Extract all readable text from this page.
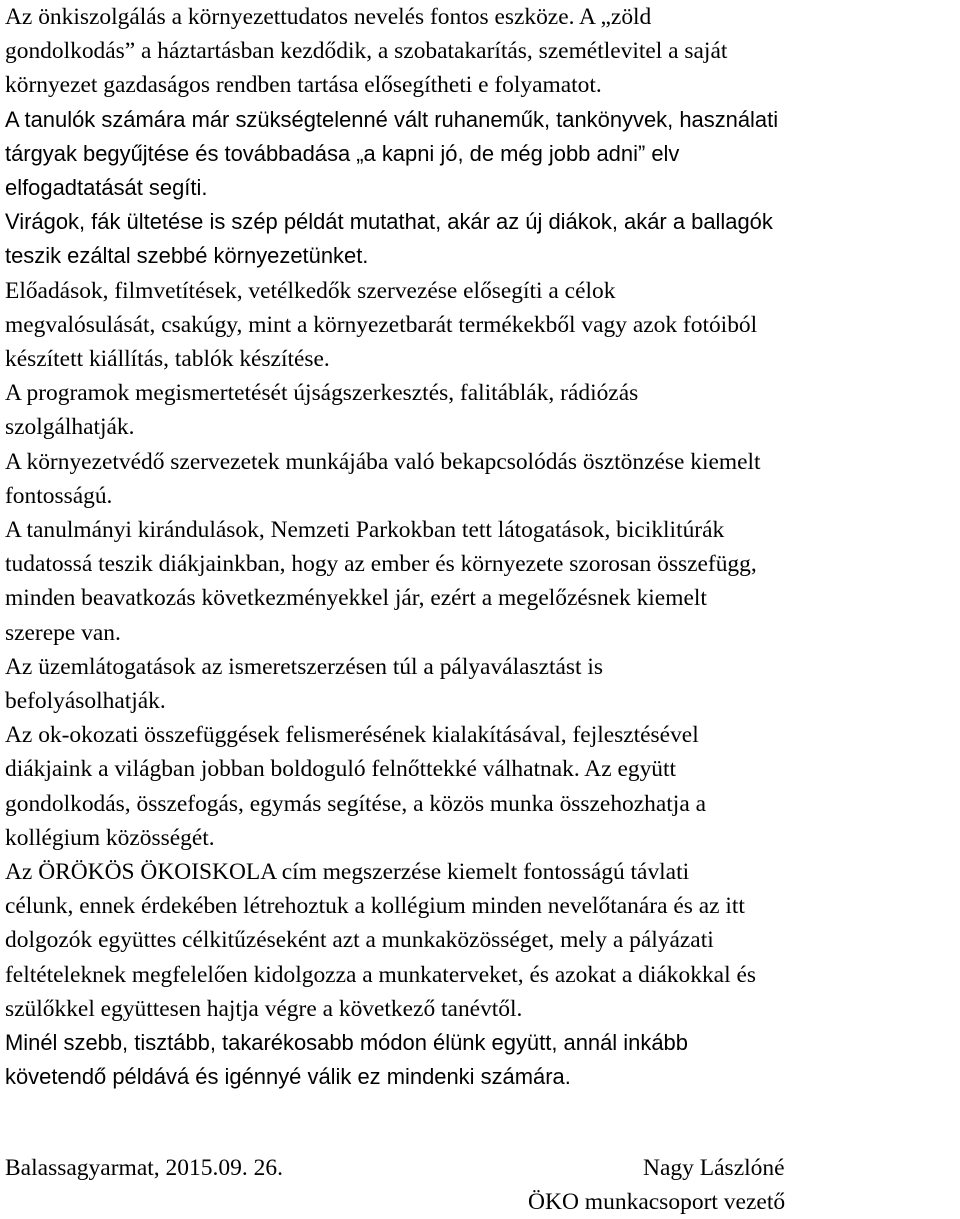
Az önkiszolgálás a környezettudatos nevelés fontos eszköze. A „zöld
gondolkodás” a háztartásban kezdődik, a szobatakarítás, szemétlevitel a saját
környezet gazdaságos rendben tartása elősegítheti e folyamatot.
A tanulók számára már szükségtelenné vált ruhaneműk, tankönyvek, használati
tárgyak begyűjtése és továbbadása „a kapni jó, de még jobb adni” elv
elfogadtatását segíti.
Virágok, fák ültetése is szép példát mutathat, akár az új diákok, akár a ballagók
teszik ezáltal szebbé környezetünket.
Előadások, filmvetítések, vetélkedők szervezése elősegíti a célok
megvalósulását, csakúgy, mint a környezetbarát termékekből vagy azok fotóiból
készített kiállítás, tablók készítése.
A programok megismertetését újságszerkesztés, falitáblák, rádiózás
szolgálhatják.
A környezetvédő szervezetek munkájába való bekapcsolódás ösztönzése kiemelt
fontosságú.
A tanulmányi kirándulások, Nemzeti Parkokban tett látogatások, biciklitúrák
tudatossá teszik diákjainkban, hogy az ember és környezete szorosan összefügg,
minden beavatkozás következményekkel jár, ezért a megelőzésnek kiemelt
szerepe van.
Az üzemlátogatások az ismeretszerzésen túl a pályaválasztást is
befolyásolhatják.
Az ok-okozati összefüggések felismerésének kialakításával, fejlesztésével
diákjaink a világban jobban boldoguló felnőttekké válhatnak. Az együtt
gondolkodás, összefogás, egymás segítése, a közös munka összehozhatja a
kollégium közösségét.
Az ÖRÖKÖS ÖKOISKOLA cím megszerzése kiemelt fontosságú távlati
célunk, ennek érdekében létrehoztuk a kollégium minden nevelőtanára és az itt
dolgozók együttes célkitűzéseként azt a munkaközösséget, mely a pályázati
feltételeknek megfelelően kidolgozza a munkaterveket, és azokat a diákokkal és
szülőkkel együttesen hajtja végre a következő tanévtől.
Minél szebb, tisztább, takarékosabb módon élünk együtt, annál inkább
követendő példává és igénnyé válik ez mindenki számára.
Balassagyarmat, 2015.09. 26.	Nagy Lászlóné
ÖKO munkacsoport vezető
